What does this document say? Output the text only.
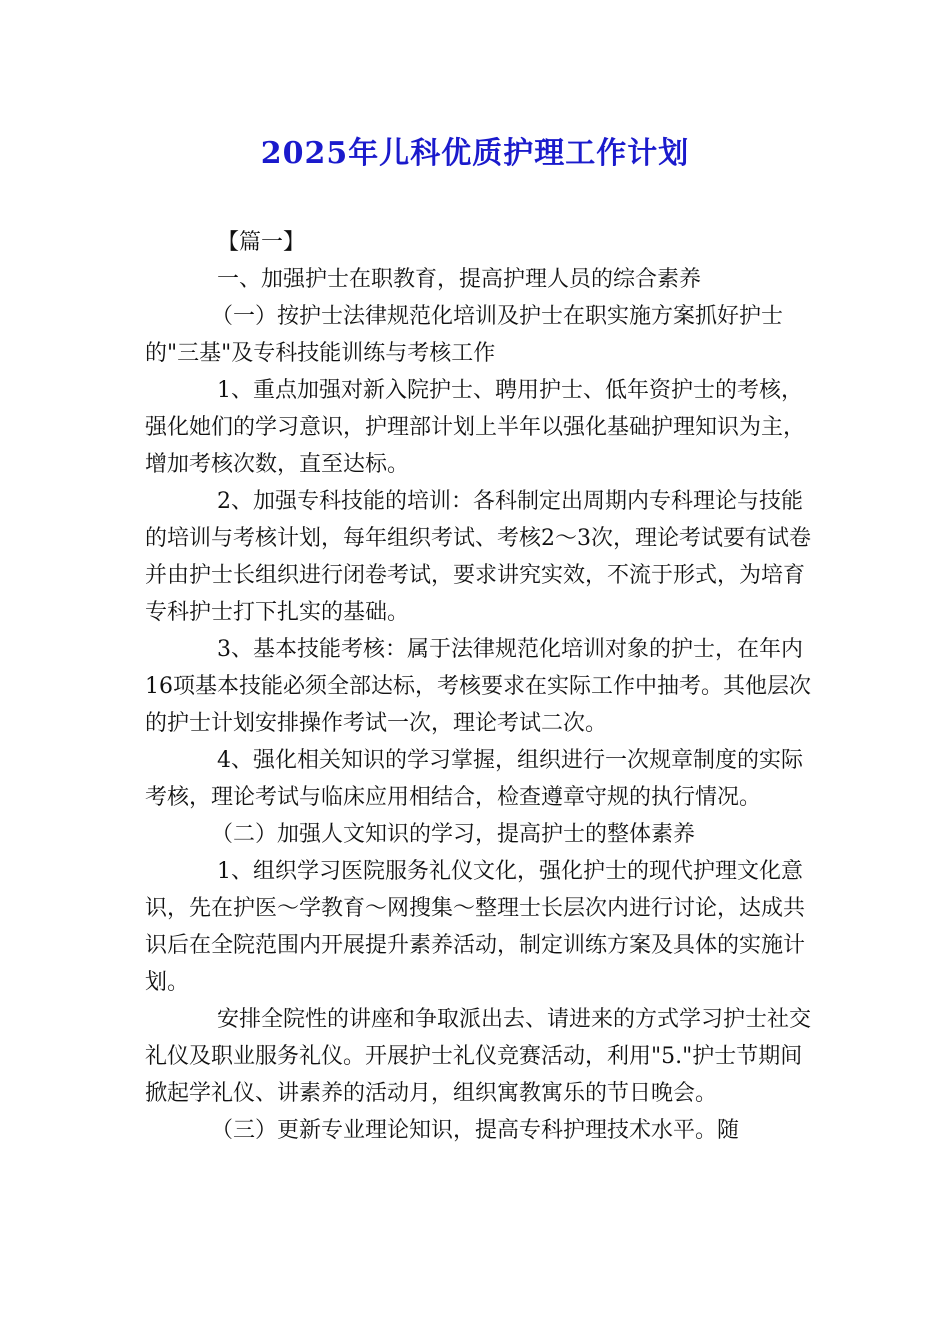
2025年儿科优质护理工作计划

【篇一】

一、加强护士在职教育，提高护理人员的综合素养

（一）按护士法律规范化培训及护士在职实施方案抓好护士的"三基"及专科技能训练与考核工作

1、重点加强对新入院护士、聘用护士、低年资护士的考核，强化她们的学习意识，护理部计划上半年以强化基础护理知识为主，增加考核次数，直至达标。

2、加强专科技能的培训：各科制定出周期内专科理论与技能的培训与考核计划，每年组织考试、考核2～3次，理论考试要有试卷并由护士长组织进行闭卷考试，要求讲究实效，不流于形式，为培育专科护士打下扎实的基础。

3、基本技能考核：属于法律规范化培训对象的护士，在年内16项基本技能必须全部达标，考核要求在实际工作中抽考。其他层次的护士计划安排操作考试一次，理论考试二次。

4、强化相关知识的学习掌握，组织进行一次规章制度的实际考核，理论考试与临床应用相结合，检查遵章守规的执行情况。

（二）加强人文知识的学习，提高护士的整体素养

1、组织学习医院服务礼仪文化，强化护士的现代护理文化意识，先在护医～学教育～网搜集～整理士长层次内进行讨论，达成共识后在全院范围内开展提升素养活动，制定训练方案及具体的实施计划。

安排全院性的讲座和争取派出去、请进来的方式学习护士社交礼仪及职业服务礼仪。开展护士礼仪竞赛活动，利用"5."护士节期间掀起学礼仪、讲素养的活动月，组织寓教寓乐的节日晚会。

（三）更新专业理论知识，提高专科护理技术水平。随
